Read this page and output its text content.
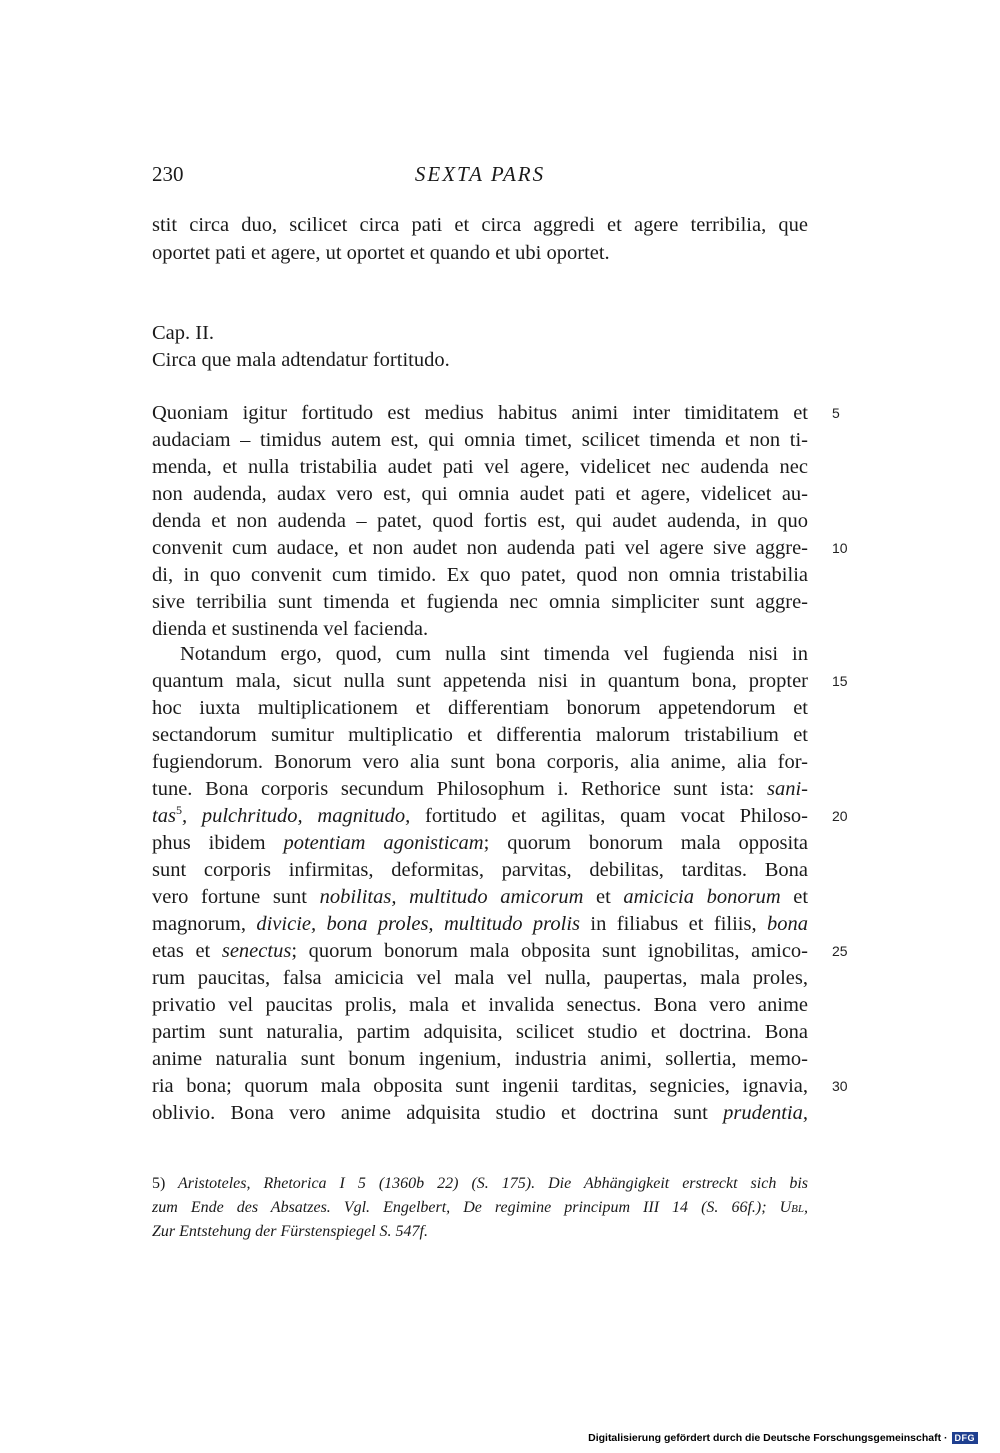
230	SEXTA PARS
stit circa duo, scilicet circa pati et circa aggredi et agere terribilia, que
oportet pati et agere, ut oportet et quando et ubi oportet.
Cap. II.
Circa que mala adtendatur fortitudo.
Quoniam igitur fortitudo est medius habitus animi inter timiditatem et
audaciam – timidus autem est, qui omnia timet, scilicet timenda et non ti-
menda, et nulla tristabilia audet pati vel agere, videlicet nec audenda nec
non audenda, audax vero est, qui omnia audet pati et agere, videlicet au-
denda et non audenda – patet, quod fortis est, qui audet audenda, in quo
convenit cum audace, et non audet non audenda pati vel agere sive aggre-
di, in quo convenit cum timido. Ex quo patet, quod non omnia tristabilia
sive terribilia sunt timenda et fugienda nec omnia simpliciter sunt aggre-
dienda et sustinenda vel facienda.
Notandum ergo, quod, cum nulla sint timenda vel fugienda nisi in
quantum mala, sicut nulla sunt appetenda nisi in quantum bona, propter
hoc iuxta multiplicationem et differentiam bonorum appetendorum et
sectandorum sumitur multiplicatio et differentia malorum tristabilium et
fugiendorum. Bonorum vero alia sunt bona corporis, alia anime, alia for-
tune. Bona corporis secundum Philosophum i. Rethorice sunt ista: sani-
tas$^5$, pulchritudo, magnitudo, fortitudo et agilitas, quam vocat Philoso-
phus ibidem potentiam agonisticam; quorum bonorum mala opposita
sunt corporis infirmitas, deformitas, parvitas, debilitas, tarditas. Bona
vero fortune sunt nobilitas, multitudo amicorum et amicicia bonorum et
magnorum, divicie, bona proles, multitudo prolis in filiabus et filiis, bona
etas et senectus; quorum bonorum mala obposita sunt ignobilitas, amico-
rum paucitas, falsa amicicia vel mala vel nulla, paupertas, mala proles,
privatio vel paucitas prolis, mala et invalida senectus. Bona vero anime
partim sunt naturalia, partim adquisita, scilicet studio et doctrina. Bona
anime naturalia sunt bonum ingenium, industria animi, sollertia, memo-
ria bona; quorum mala obposita sunt ingenii tarditas, segnicies, ignavia,
oblivio. Bona vero anime adquisita studio et doctrina sunt prudentia,
5
10
15
20
25
30
5) Aristoteles, Rhetorica I 5 (1360b 22) (S. 175). Die Abhängigkeit erstreckt sich bis
zum Ende des Absatzes. Vgl. Engelbert, De regimine principum III 14 (S. 66f.); Ubl,
Zur Entstehung der Fürstenspiegel S. 547f.
Digitalisierung gefördert durch die Deutsche Forschungsgemeinschaft · DFG
